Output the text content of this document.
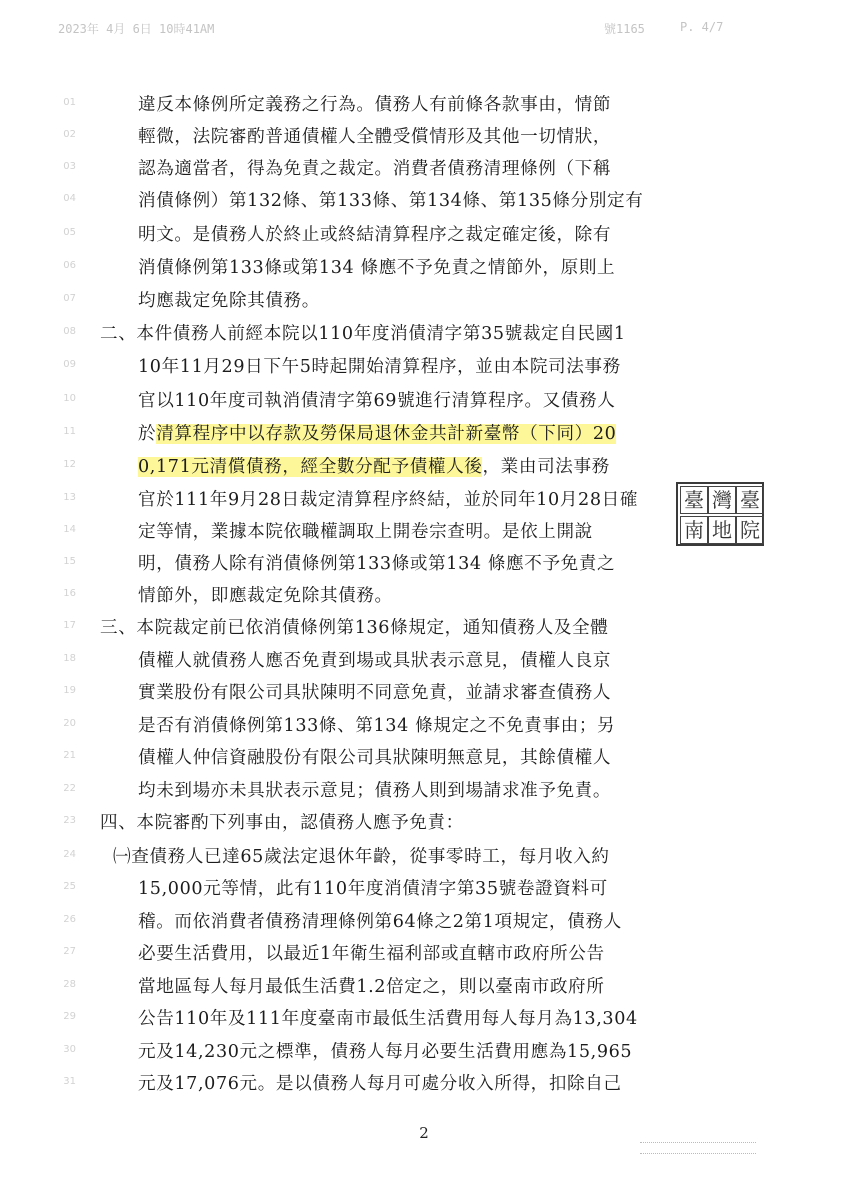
2023年 4月 6日 10時41AM	號1165	P. 4/7
01	違反本條例所定義務之行為。債務人有前條各款事由，情節
02	輕微，法院審酌普通債權人全體受償情形及其他一切情狀，
03	認為適當者，得為免責之裁定。消費者債務清理條例（下稱
04	消債條例）第132條、第133條、第134條、第135條分別定有
05	明文。是債務人於終止或終結清算程序之裁定確定後，除有
06	消債條例第133條或第134 條應不予免責之情節外，原則上
07	均應裁定免除其債務。
08 二、本件債務人前經本院以110年度消債清字第35號裁定自民國1
09	10年11月29日下午5時起開始清算程序，並由本院司法事務
10	官以110年度司執消債清字第69號進行清算程序。又債務人
11	於清算程序中以存款及勞保局退休金共計新臺幣（下同）20
12	0,171元清償債務，經全數分配予債權人後，業由司法事務
13	官於111年9月28日裁定清算程序終結，並於同年10月28日確
14	定等情，業據本院依職權調取上開卷宗查明。是依上開說
15	明，債務人除有消債條例第133條或第134 條應不予免責之
16	情節外，即應裁定免除其債務。
17 三、本院裁定前已依消債條例第136條規定，通知債務人及全體
18	債權人就債務人應否免責到場或具狀表示意見，債權人良京
19	實業股份有限公司具狀陳明不同意免責，並請求審查債務人
20	是否有消債條例第133條、第134 條規定之不免責事由；另
21	債權人仲信資融股份有限公司具狀陳明無意見，其餘債權人
22	均未到場亦未具狀表示意見；債務人則到場請求准予免責。
23 四、本院審酌下列事由，認債務人應予免責：
24 ㈠查債務人已達65歲法定退休年齡，從事零時工，每月收入約
25	15,000元等情，此有110年度消債清字第35號卷證資料可
26	稽。而依消費者債務清理條例第64條之2第1項規定，債務人
27	必要生活費用，以最近1年衛生福利部或直轄市政府所公告
28	當地區每人每月最低生活費1.2倍定之，則以臺南市政府所
29	公告110年及111年度臺南市最低生活費用每人每月為13,304
30	元及14,230元之標準，債務人每月必要生活費用應為15,965
31	元及17,076元。是以債務人每月可處分收入所得，扣除自己
臺 灣 臺
南 地 院
2
